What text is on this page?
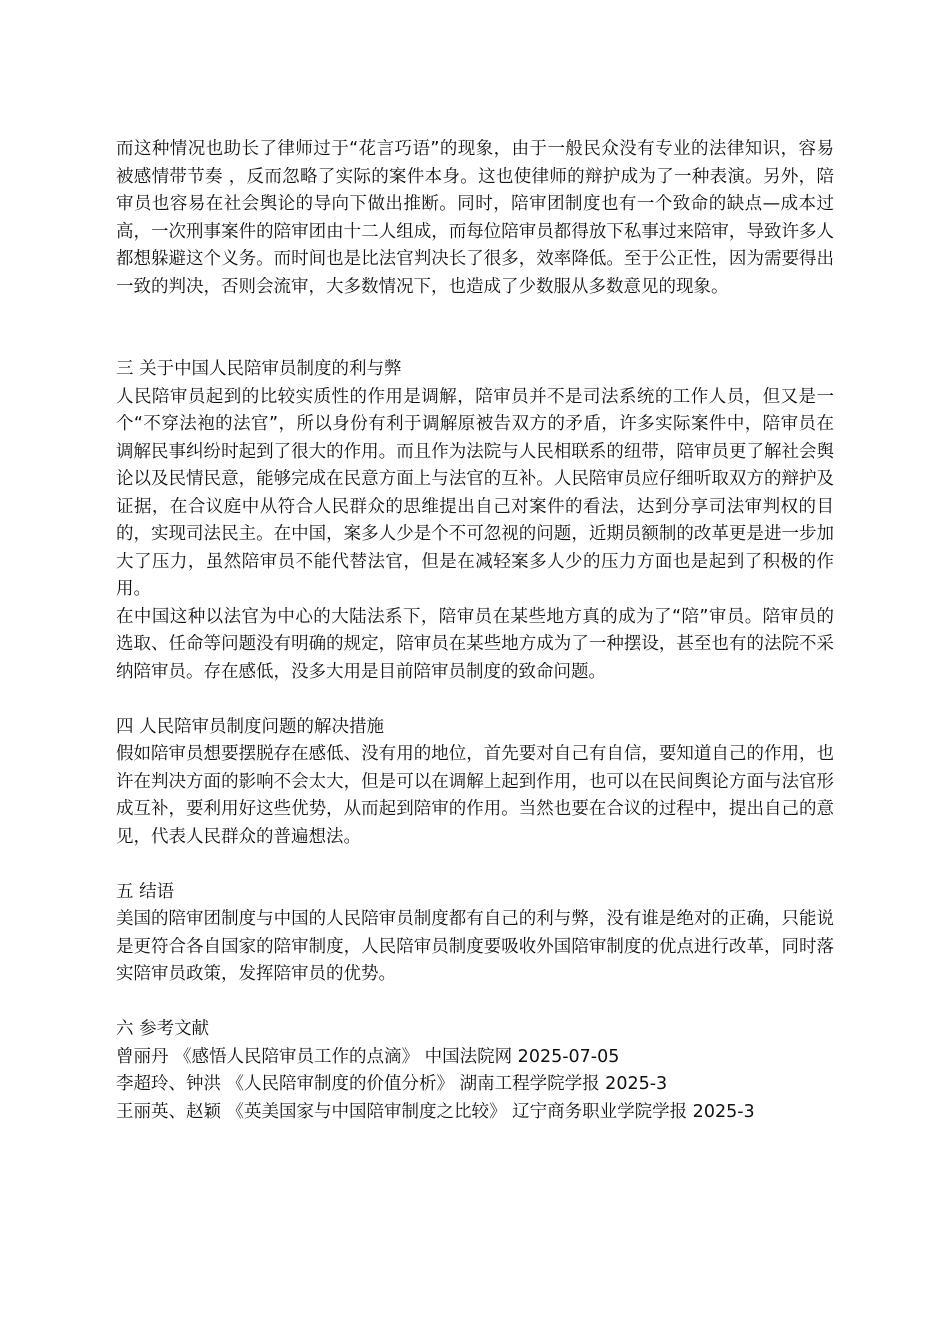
而这种情况也助长了律师过于“花言巧语”的现象，由于一般民众没有专业的法律知识，容易被感情带节奏 ，反而忽略了实际的案件本身。这也使律师的辩护成为了一种表演。另外，陪审员也容易在社会舆论的导向下做出推断。同时，陪审团制度也有一个致命的缺点—成本过高，一次刑事案件的陪审团由十二人组成，而每位陪审员都得放下私事过来陪审，导致许多人都想躲避这个义务。而时间也是比法官判决长了很多，效率降低。至于公正性，因为需要得出一致的判决，否则会流审，大多数情况下，也造成了少数服从多数意见的现象。

三 关于中国人民陪审员制度的利与弊

人民陪审员起到的比较实质性的作用是调解，陪审员并不是司法系统的工作人员，但又是一个“不穿法袍的法官”，所以身份有利于调解原被告双方的矛盾，许多实际案件中，陪审员在调解民事纠纷时起到了很大的作用。而且作为法院与人民相联系的纽带，陪审员更了解社会舆论以及民情民意，能够完成在民意方面上与法官的互补。人民陪审员应仔细听取双方的辩护及证据，在合议庭中从符合人民群众的思维提出自己对案件的看法，达到分享司法审判权的目的，实现司法民主。在中国，案多人少是个不可忽视的问题，近期员额制的改革更是进一步加大了压力，虽然陪审员不能代替法官，但是在减轻案多人少的压力方面也是起到了积极的作用。

在中国这种以法官为中心的大陆法系下，陪审员在某些地方真的成为了“陪”审员。陪审员的选取、任命等问题没有明确的规定，陪审员在某些地方成为了一种摆设，甚至也有的法院不采纳陪审员。存在感低，没多大用是目前陪审员制度的致命问题。

四 人民陪审员制度问题的解决措施

假如陪审员想要摆脱存在感低、没有用的地位，首先要对自己有自信，要知道自己的作用，也许在判决方面的影响不会太大，但是可以在调解上起到作用，也可以在民间舆论方面与法官形成互补，要利用好这些优势，从而起到陪审的作用。当然也要在合议的过程中，提出自己的意见，代表人民群众的普遍想法。

五 结语

美国的陪审团制度与中国的人民陪审员制度都有自己的利与弊，没有谁是绝对的正确，只能说是更符合各自国家的陪审制度，人民陪审员制度要吸收外国陪审制度的优点进行改革，同时落实陪审员政策，发挥陪审员的优势。

六 参考文献

曾丽丹 《感悟人民陪审员工作的点滴》 中国法院网 2025-07-05

李超玲、钟洪 《人民陪审制度的价值分析》 湖南工程学院学报 2025-3

王丽英、赵颖 《英美国家与中国陪审制度之比较》 辽宁商务职业学院学报 2025-3
